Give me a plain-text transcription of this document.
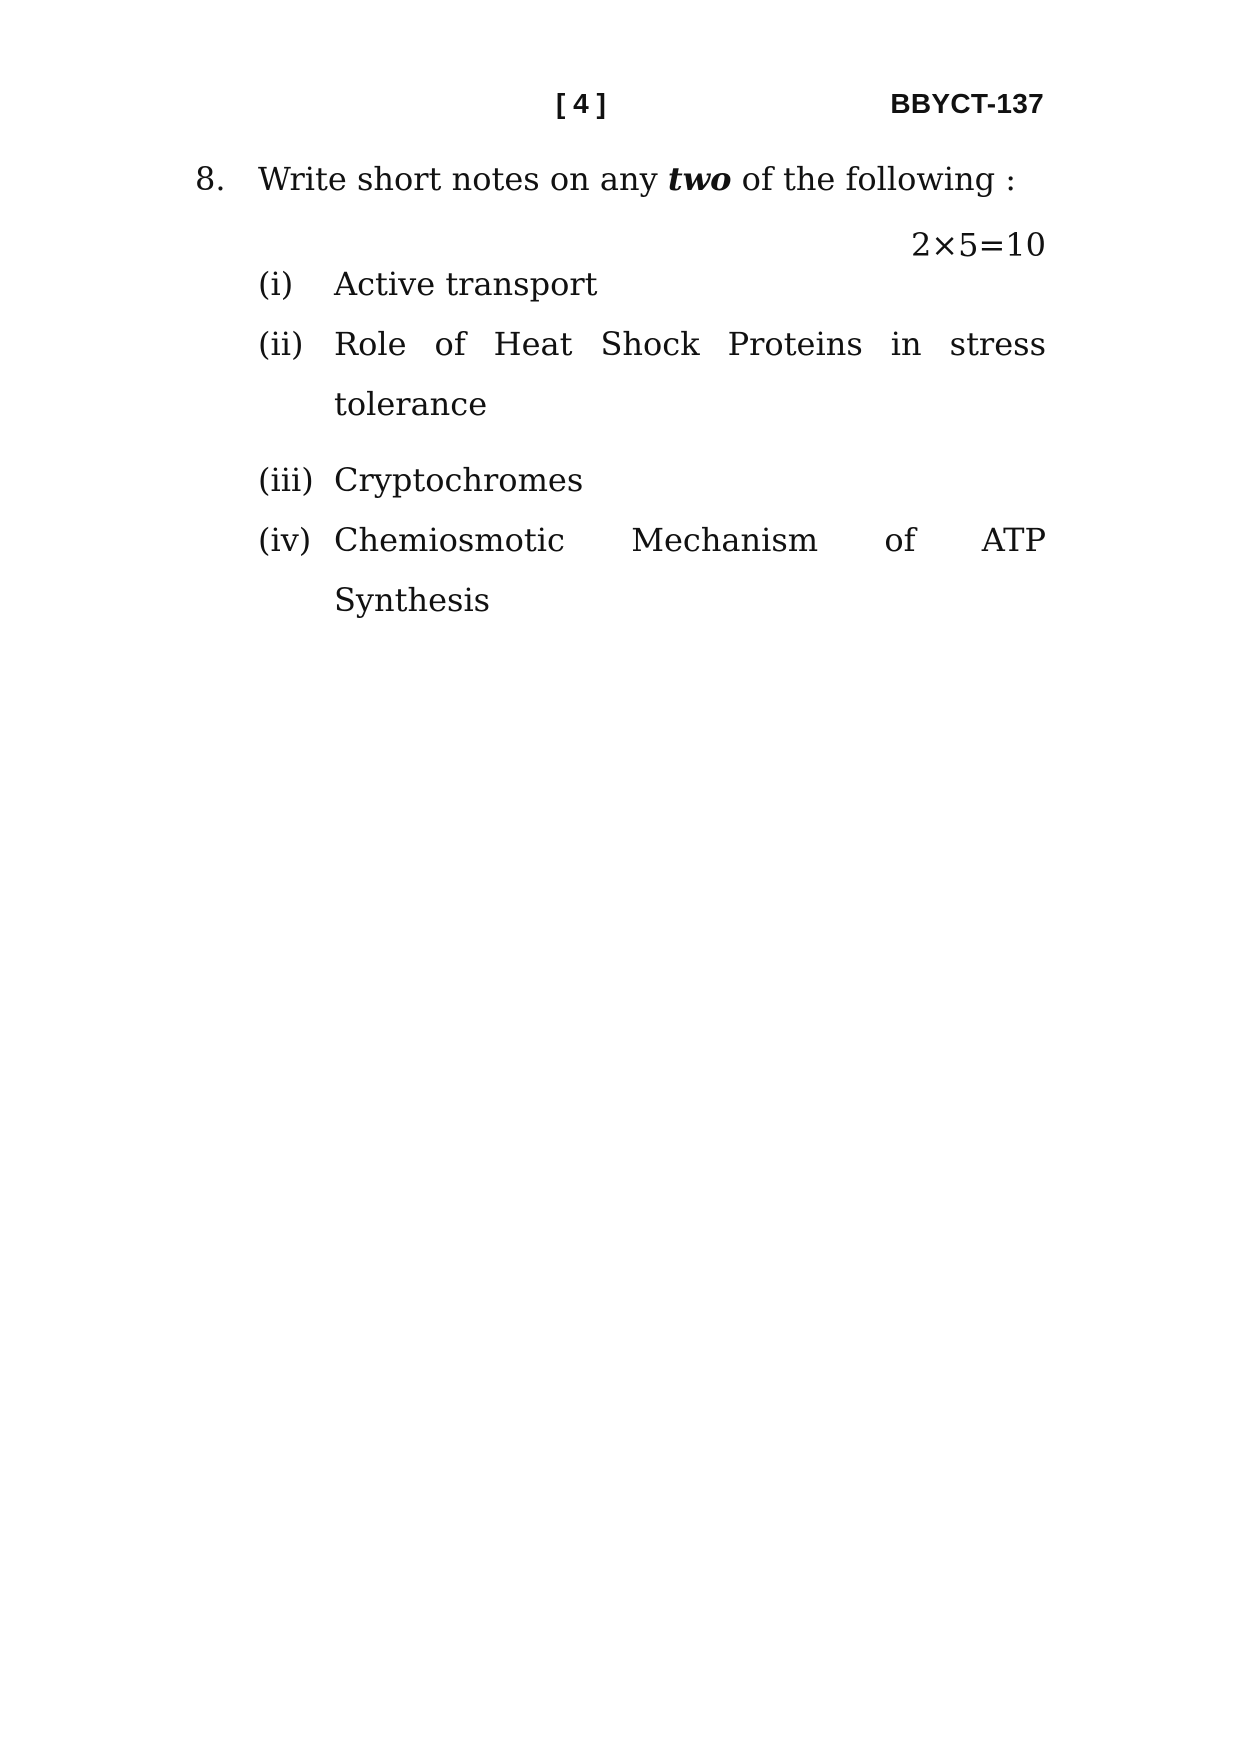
[ 4 ]	BBYCT-137
8. Write short notes on any two of the following :
2×5=10
(i) Active transport
(ii) Role of Heat Shock Proteins in stress
tolerance
(iii) Cryptochromes
(iv) Chemiosmotic Mechanism of ATP
Synthesis
